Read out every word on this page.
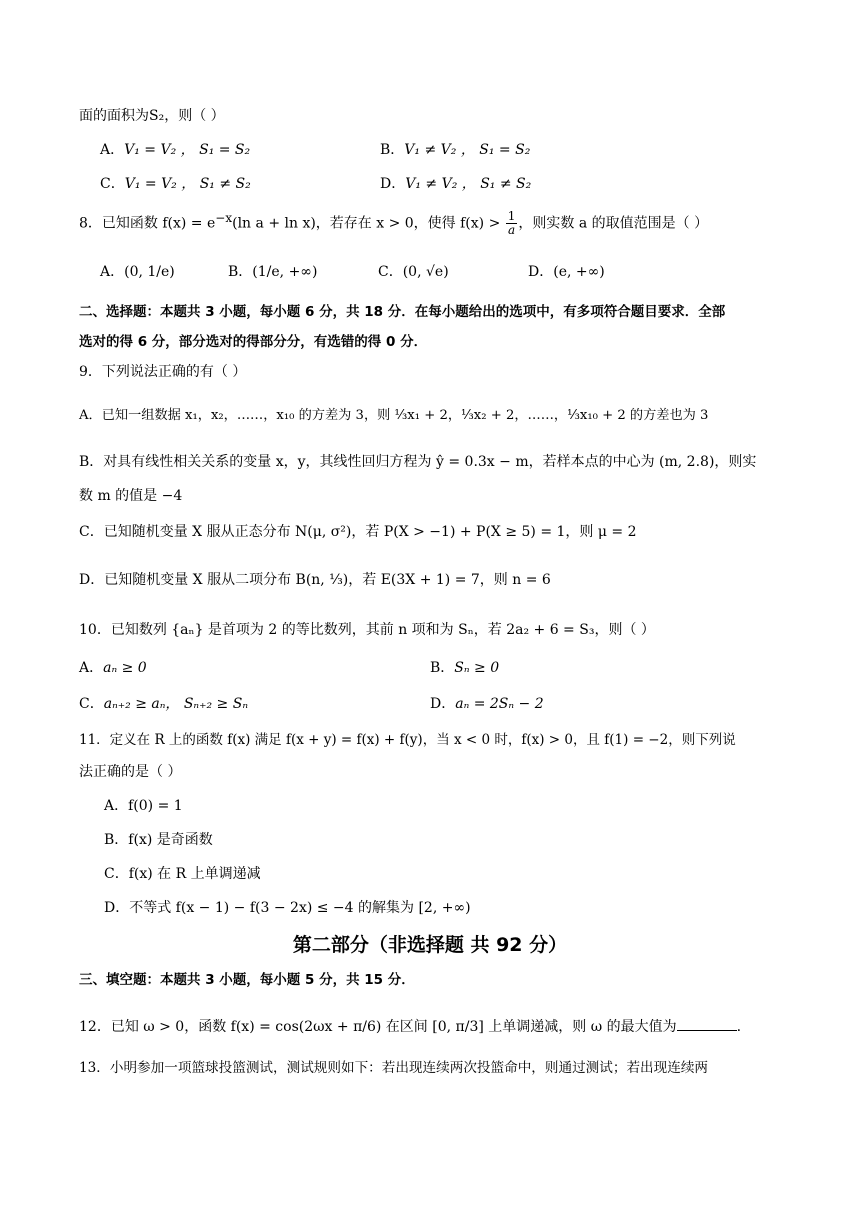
面的面积为S₂，则（ ）
A．V₁ = V₂ ， S₁ = S₂	B．V₁ ≠ V₂ ， S₁ = S₂
C．V₁ = V₂ ， S₁ ≠ S₂	D．V₁ ≠ V₂ ， S₁ ≠ S₂
8．已知函数 $f(x) = e^{-x}(\ln$ a + ln x)，若存在 x > 0，使得 $f(x) > \frac{1}{a}$ ，则实数 a 的取值范围是（ ）
A．(0, 1/e)	B．(1/e, +∞)	C．(0, √e)	D．(e, +∞)
二、选择题：本题共 3 小题，每小题 6 分，共 18 分．在每小题给出的选项中，有多项符合题目要求．全部
选对的得 6 分，部分选对的得部分分，有选错的得 0 分．
9．下列说法正确的有（ ）
A．已知一组数据 x₁，x₂，……，x₁₀ 的方差为 3，则 ⅓x₁ + 2，⅓x₂ + 2，……，⅓x₁₀ + 2 的方差也为 3
B．对具有线性相关关系的变量 x，y，其线性回归方程为 ŷ = 0.3x − m，若样本点的中心为 (m, 2.8)，则实
数 m 的值是 −4
C．已知随机变量 X 服从正态分布 N(μ, σ²)，若 P(X > −1) + P(X ≥ 5) = 1，则 μ = 2
D．已知随机变量 X 服从二项分布 B(n, ⅓)，若 E(3X + 1) = 7，则 n = 6
10．已知数列 {aₙ} 是首项为 2 的等比数列，其前 n 项和为 Sₙ，若 2a₂ + 6 = S₃，则（ ）
A．aₙ ≥ 0	B．Sₙ ≥ 0
C．aₙ₊₂ ≥ aₙ， Sₙ₊₂ ≥ Sₙ	D．aₙ = 2Sₙ − 2
11．定义在 R 上的函数 f(x) 满足 f(x + y) = f(x) + f(y)，当 x < 0 时，f(x) > 0，且 f(1) = −2，则下列说
法正确的是（ ）
A．f(0) = 1
B．f(x) 是奇函数
C．f(x) 在 R 上单调递减
D．不等式 f(x − 1) − f(3 − 2x) ≤ −4 的解集为 [2, +∞)
第二部分（非选择题 共 92 分）
三、填空题：本题共 3 小题，每小题 5 分，共 15 分．
12．已知 ω > 0，函数 f(x) = cos(2ωx + π/6) 在区间 [0, π/3] 上单调递减，则 ω 的最大值为	.
13．小明参加一项篮球投篮测试，测试规则如下：若出现连续两次投篮命中，则通过测试；若出现连续两
